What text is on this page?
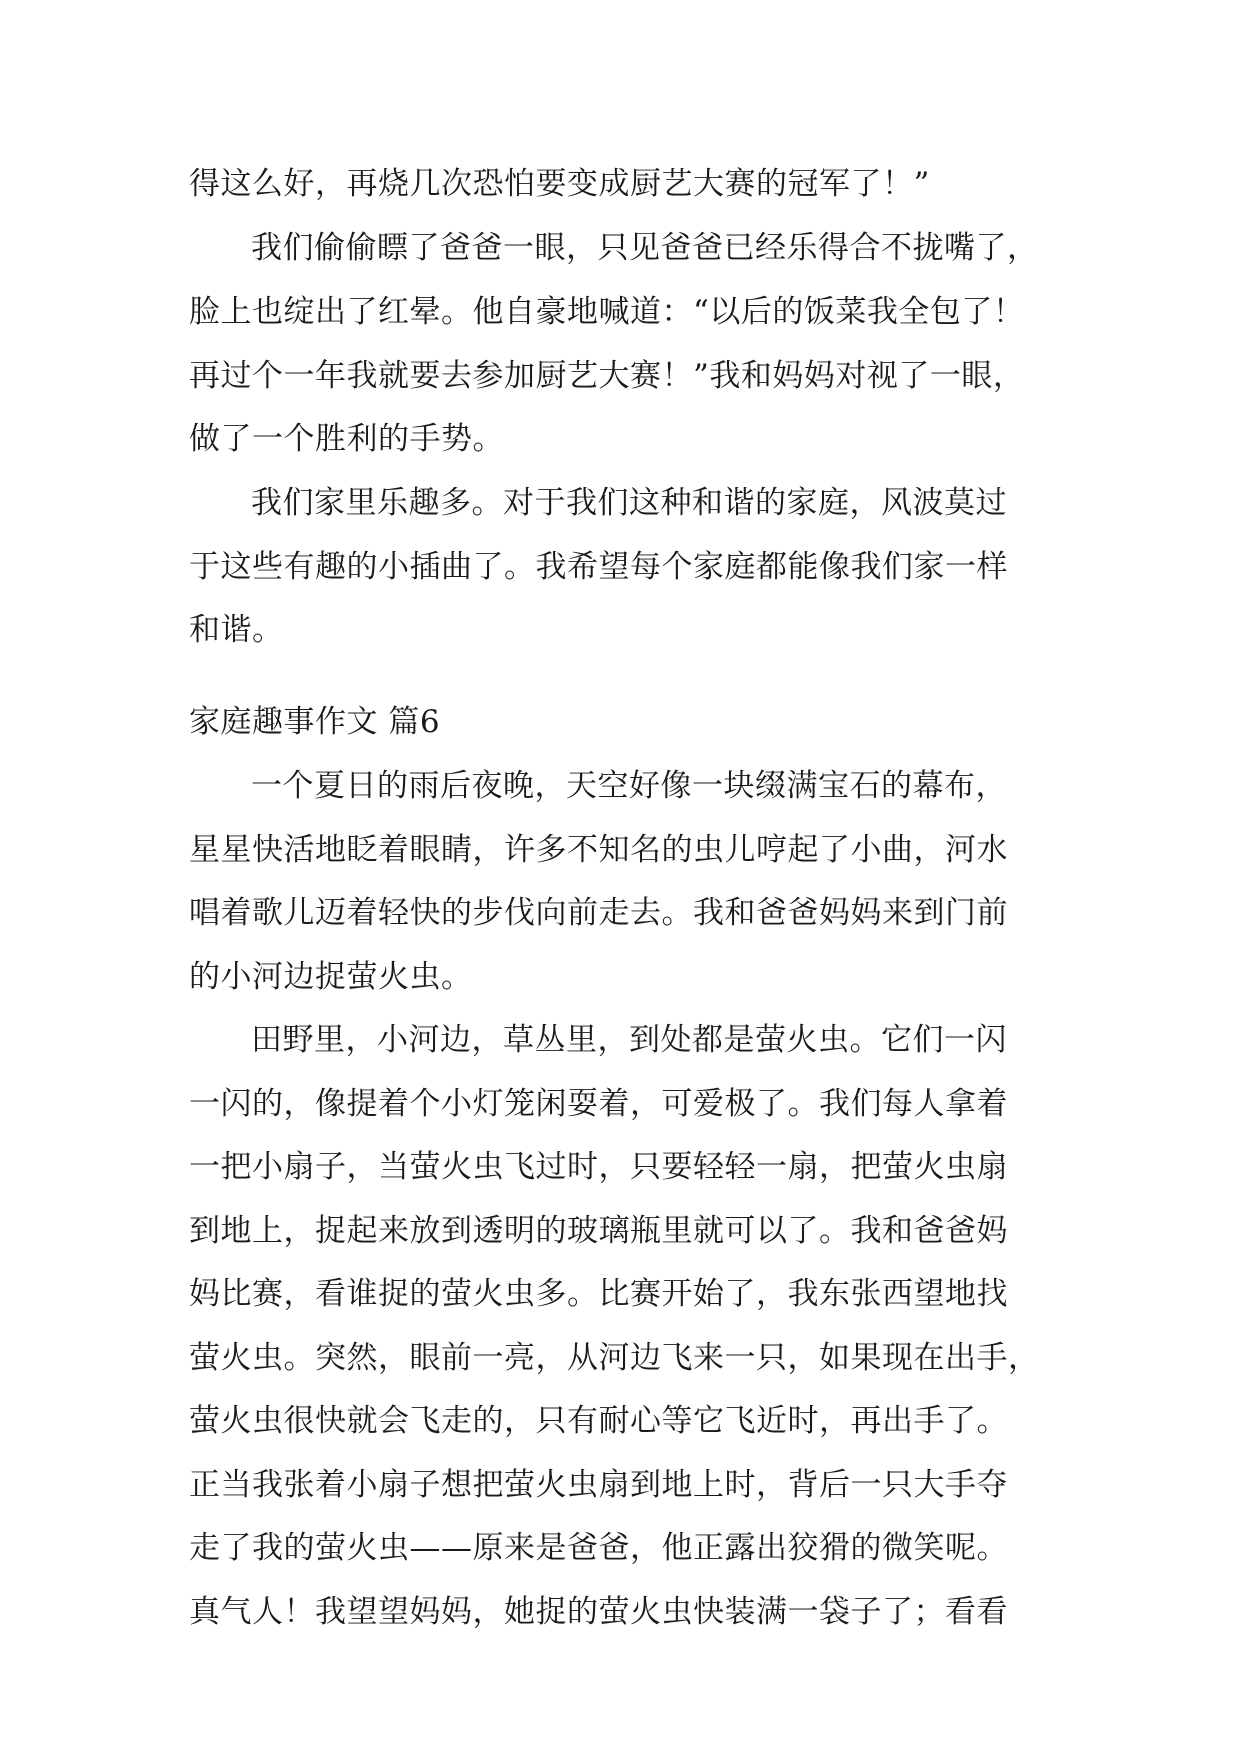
得这么好，再烧几次恐怕要变成厨艺大赛的冠军了！”
我们偷偷瞟了爸爸一眼，只见爸爸已经乐得合不拢嘴了，
脸上也绽出了红晕。他自豪地喊道：“以后的饭菜我全包了！
再过个一年我就要去参加厨艺大赛！”我和妈妈对视了一眼，
做了一个胜利的手势。
我们家里乐趣多。对于我们这种和谐的家庭，风波莫过
于这些有趣的小插曲了。我希望每个家庭都能像我们家一样
和谐。
家庭趣事作文 篇6
一个夏日的雨后夜晚，天空好像一块缀满宝石的幕布，
星星快活地眨着眼睛，许多不知名的虫儿哼起了小曲，河水
唱着歌儿迈着轻快的步伐向前走去。我和爸爸妈妈来到门前
的小河边捉萤火虫。
田野里，小河边，草丛里，到处都是萤火虫。它们一闪
一闪的，像提着个小灯笼闲耍着，可爱极了。我们每人拿着
一把小扇子，当萤火虫飞过时，只要轻轻一扇，把萤火虫扇
到地上，捉起来放到透明的玻璃瓶里就可以了。我和爸爸妈
妈比赛，看谁捉的萤火虫多。比赛开始了，我东张西望地找
萤火虫。突然，眼前一亮，从河边飞来一只，如果现在出手，
萤火虫很快就会飞走的，只有耐心等它飞近时，再出手了。
正当我张着小扇子想把萤火虫扇到地上时，背后一只大手夺
走了我的萤火虫——原来是爸爸，他正露出狡猾的微笑呢。
真气人！我望望妈妈，她捉的萤火虫快装满一袋子了；看看
